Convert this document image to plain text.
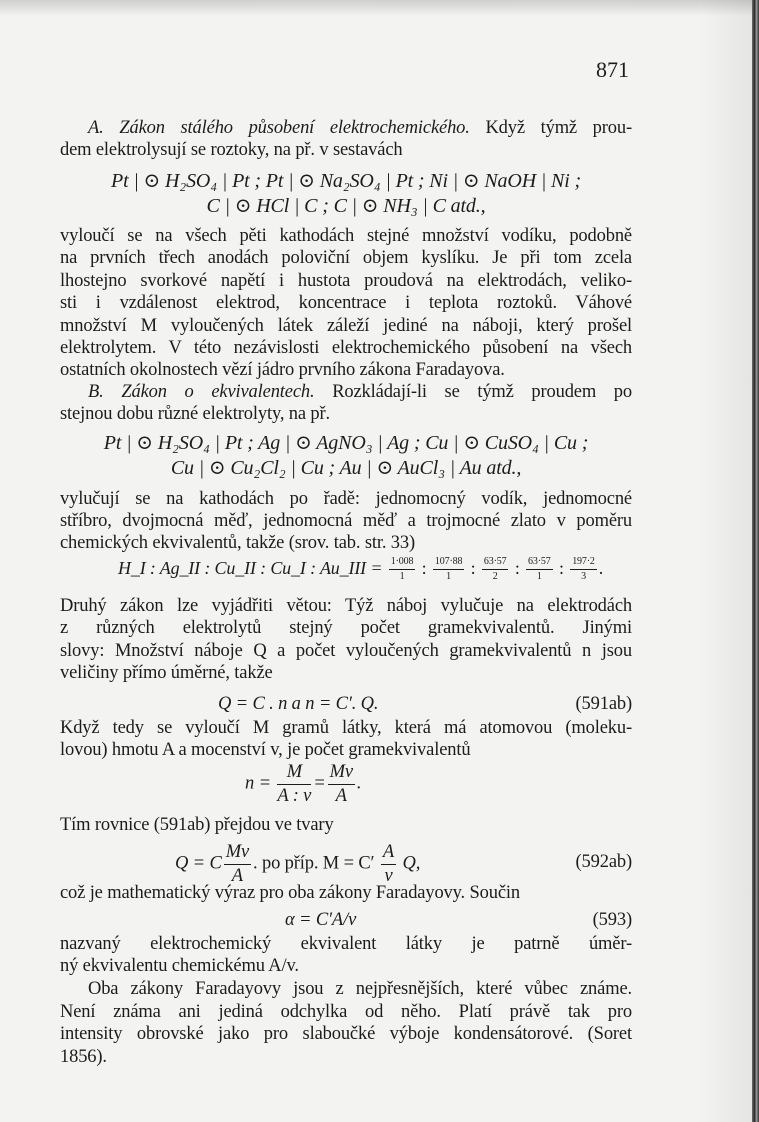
871
A. Zákon stálého působení elektrochemického. Když týmž prou-
dem elektrolysují se roztoky, na př. v sestavách
Pt | ⊙ H₂SO₄ | Pt ; Pt | ⊙ Na₂SO₄ | Pt ; Ni | ⊙ NaOH | Ni ;
C | ⊙ HCl | C ; C | ⊙ NH₃ | C atd.,
vyloučí se na všech pěti kathodách stejné množství vodíku, podobně
na prvních třech anodách poloviční objem kyslíku. Je při tom zcela
lhostejno svorkové napětí i hustota proudová na elektrodách, veliko-
sti i vzdálenost elektrod, koncentrace i teplota roztoků. Váhové
množství M vyloučených látek záleží jediné na náboji, který prošel
elektrolytem. V této nezávislosti elektrochemického působení na všech
ostatních okolnostech vězí jádro prvního zákona Faradayova.
B. Zákon o ekvivalentech. Rozkládají-li se týmž proudem po
stejnou dobu různé elektrolyty, na př.
Pt | ⊙ H₂SO₄ | Pt ; Ag | ⊙ AgNO₃ | Ag ; Cu | ⊙ CuSO₄ | Cu ;
Cu | ⊙ Cu₂Cl₂ | Cu ; Au | ⊙ AuCl₃ | Au atd.,
vylučují se na kathodách po řadě: jednomocný vodík, jednomocné
stříbro, dvojmocná měď, jednomocná měď a trojmocné zlato v poměru
chemických ekvivalentů, takže (srov. tab. str. 33)
H_I : Ag_II : Cu_II : Cu_I : Au_III = $\frac{1\cdot 008}{1}$ : $\frac{107\cdot 88}{1}$ : $\frac{63\cdot 57}{2}$ : $\frac{63\cdot 57}{1}$ : $\frac{197\cdot 2}{3}$ .
Druhý zákon lze vyjádřiti větou: Týž náboj vylučuje na elektrodách
z různých elektrolytů stejný počet gramekvivalentů. Jinými
slovy: Množství náboje Q a počet vyloučených gramekvivalentů n jsou
veličiny přímo úměrné, takže
Q = C . n a n = C′. Q.	(591ab)
Když tedy se vyloučí M gramů látky, která má atomovou (moleku-
lovou) hmotu A a mocenství v, je počet gramekvivalentů
$n = \frac{M}{A : v} = \frac{Mv}{A}$ .
Tím rovnice (591ab) přejdou ve tvary
Q = C $\frac{Mv}{A}$ . po příp. $M = C' \frac{A}{v} Q$,	(592ab)
což je mathematický výraz pro oba zákony Faradayovy. Součin
α = C′A/v	(593)
nazvaný elektrochemický ekvivalent látky je patrně úměr-
ný ekvivalentu chemickému A/v.
Oba zákony Faradayovy jsou z nejpřesnějších, které vůbec známe.
Není známa ani jediná odchylka od něho. Platí právě tak pro
intensity obrovské jako pro slaboučké výboje kondensátorové. (Soret
1856).
